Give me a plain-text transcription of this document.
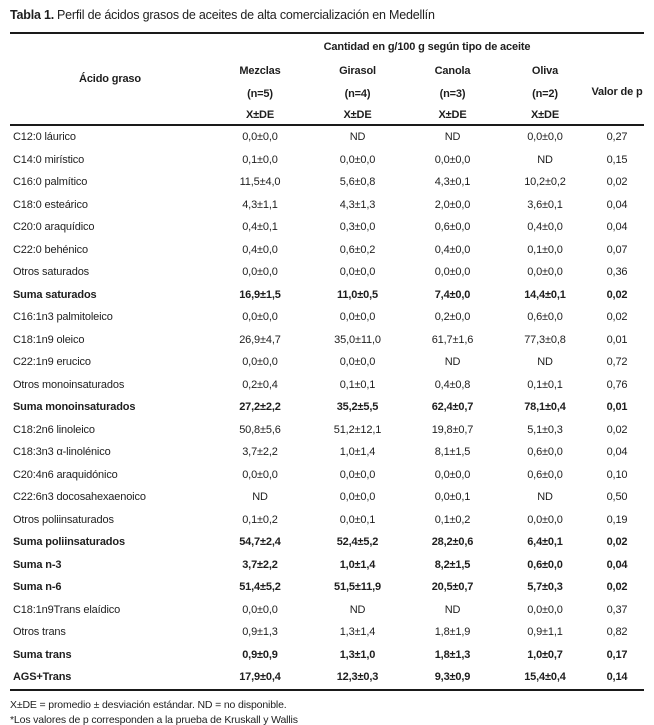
Tabla 1. Perfil de ácidos grasos de aceites de alta comercialización en Medellín
Ácido graso	Cantidad en g/100 g según tipo de aceite				
	Mezclas	Girasol	Canola	Oliva	Valor de p
	(n=5)	(n=4)	(n=3)	(n=2)	
	X±DE	X±DE	X±DE	X±DE	
C12:0 láurico	0,0±0,0	ND	ND	0,0±0,0	0,27
C14:0 mirístico	0,1±0,0	0,0±0,0	0,0±0,0	ND	0,15
C16:0 palmítico	11,5±4,0	5,6±0,8	4,3±0,1	10,2±0,2	0,02
C18:0 esteárico	4,3±1,1	4,3±1,3	2,0±0,0	3,6±0,1	0,04
C20:0 araquídico	0,4±0,1	0,3±0,0	0,6±0,0	0,4±0,0	0,04
C22:0 behénico	0,4±0,0	0,6±0,2	0,4±0,0	0,1±0,0	0,07
Otros saturados	0,0±0,0	0,0±0,0	0,0±0,0	0,0±0,0	0,36
Suma saturados	16,9±1,5	11,0±0,5	7,4±0,0	14,4±0,1	0,02
C16:1n3 palmitoleico	0,0±0,0	0,0±0,0	0,2±0,0	0,6±0,0	0,02
C18:1n9 oleico	26,9±4,7	35,0±11,0	61,7±1,6	77,3±0,8	0,01
C22:1n9 erucico	0,0±0,0	0,0±0,0	ND	ND	0,72
Otros monoinsaturados	0,2±0,4	0,1±0,1	0,4±0,8	0,1±0,1	0,76
Suma monoinsaturados	27,2±2,2	35,2±5,5	62,4±0,7	78,1±0,4	0,01
C18:2n6 linoleico	50,8±5,6	51,2±12,1	19,8±0,7	5,1±0,3	0,02
C18:3n3 α-linolénico	3,7±2,2	1,0±1,4	8,1±1,5	0,6±0,0	0,04
C20:4n6 araquidónico	0,0±0,0	0,0±0,0	0,0±0,0	0,6±0,0	0,10
C22:6n3 docosahexaenoico	ND	0,0±0,0	0,0±0,1	ND	0,50
Otros poliinsaturados	0,1±0,2	0,0±0,1	0,1±0,2	0,0±0,0	0,19
Suma poliinsaturados	54,7±2,4	52,4±5,2	28,2±0,6	6,4±0,1	0,02
Suma n-3	3,7±2,2	1,0±1,4	8,2±1,5	0,6±0,0	0,04
Suma n-6	51,4±5,2	51,5±11,9	20,5±0,7	5,7±0,3	0,02
C18:1n9Trans elaídico	0,0±0,0	ND	ND	0,0±0,0	0,37
Otros trans	0,9±1,3	1,3±1,4	1,8±1,9	0,9±1,1	0,82
Suma trans	0,9±0,9	1,3±1,0	1,8±1,3	1,0±0,7	0,17
AGS+Trans	17,9±0,4	12,3±0,3	9,3±0,9	15,4±0,4	0,14
X±DE = promedio ± desviación estándar. ND = no disponible.
*Los valores de p corresponden a la prueba de Kruskall y Wallis
